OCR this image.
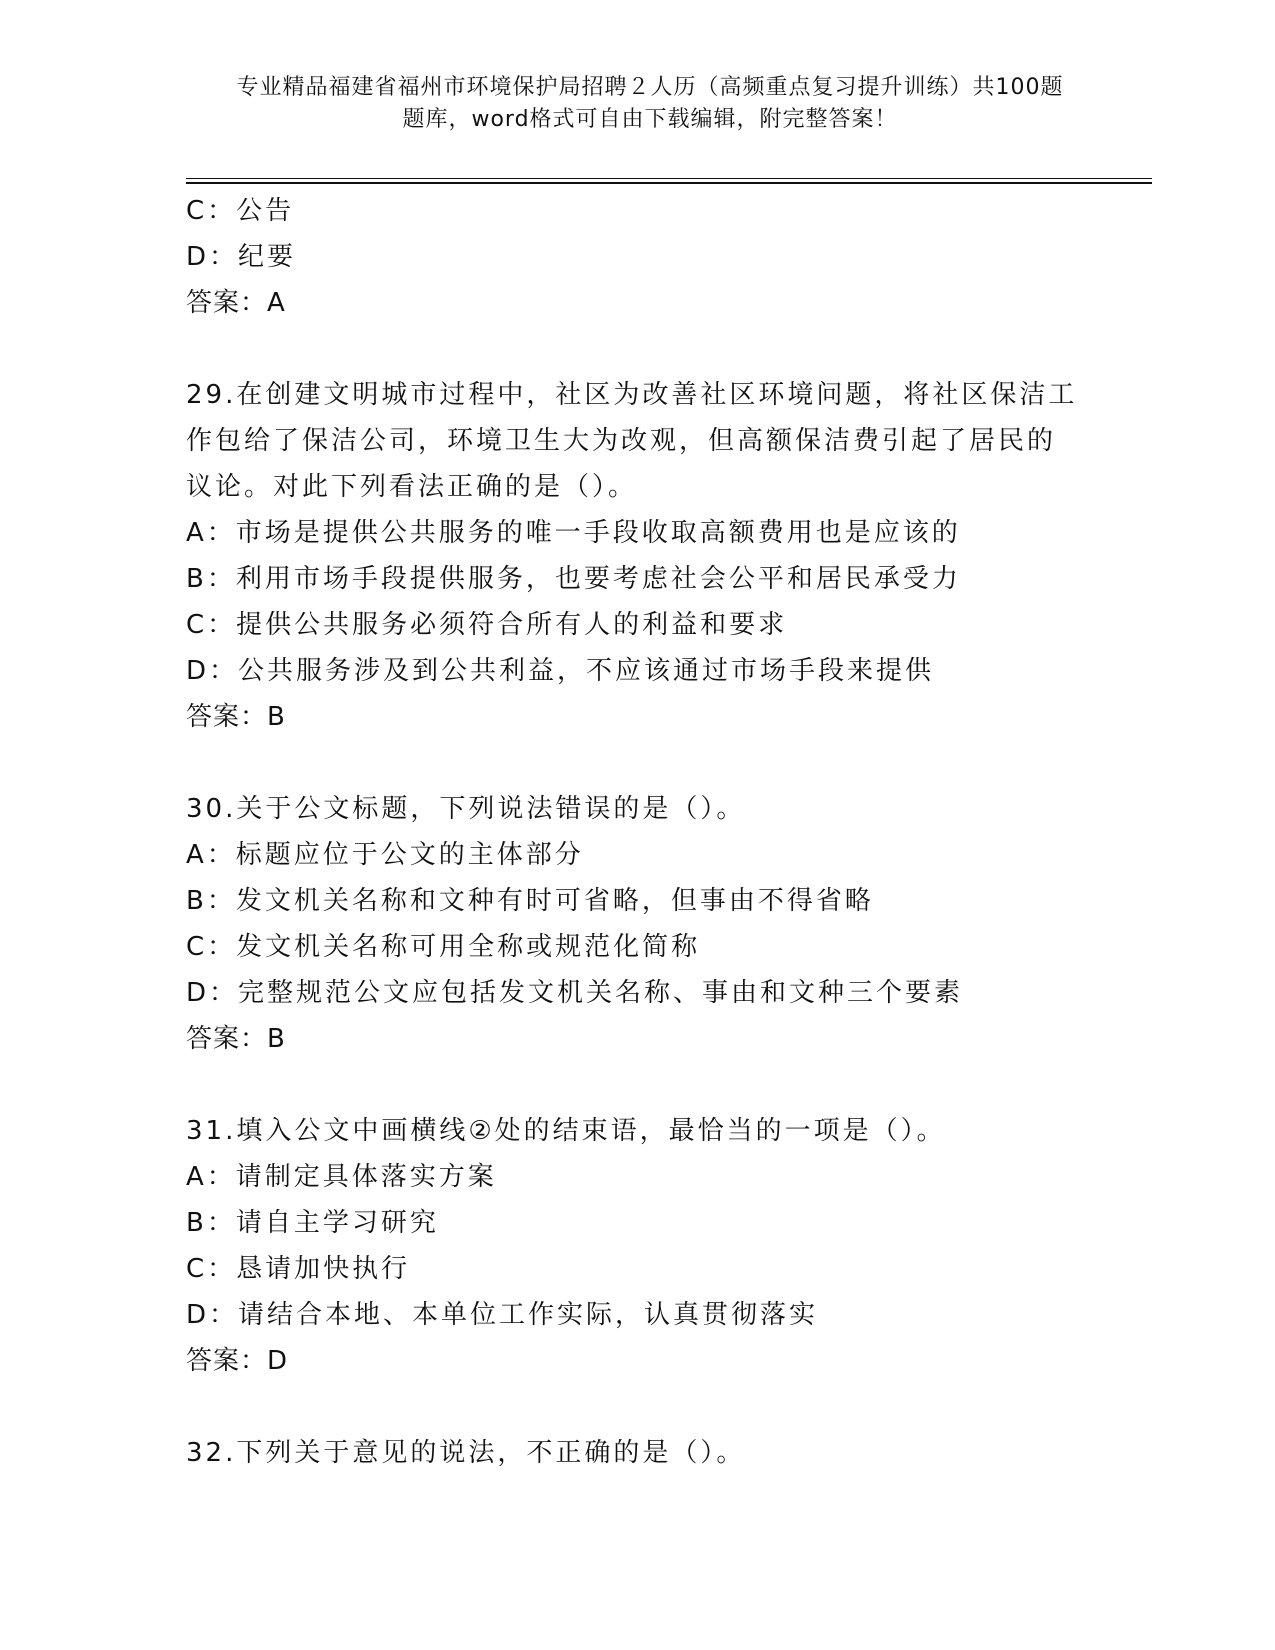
专业精品福建省福州市环境保护局招聘２人历（高频重点复习提升训练）共100题
题库，word格式可自由下载编辑，附完整答案！
C：公告
D：纪要
答案：A
29.在创建文明城市过程中，社区为改善社区环境问题，将社区保洁工
作包给了保洁公司，环境卫生大为改观，但高额保洁费引起了居民的
议论。对此下列看法正确的是（）。
A：市场是提供公共服务的唯一手段收取高额费用也是应该的
B：利用市场手段提供服务，也要考虑社会公平和居民承受力
C：提供公共服务必须符合所有人的利益和要求
D：公共服务涉及到公共利益，不应该通过市场手段来提供
答案：B
30.关于公文标题，下列说法错误的是（）。
A：标题应位于公文的主体部分
B：发文机关名称和文种有时可省略，但事由不得省略
C：发文机关名称可用全称或规范化简称
D：完整规范公文应包括发文机关名称、事由和文种三个要素
答案：B
31.填入公文中画横线②处的结束语，最恰当的一项是（）。
A：请制定具体落实方案
B：请自主学习研究
C：恳请加快执行
D：请结合本地、本单位工作实际，认真贯彻落实
答案：D
32.下列关于意见的说法，不正确的是（）。
